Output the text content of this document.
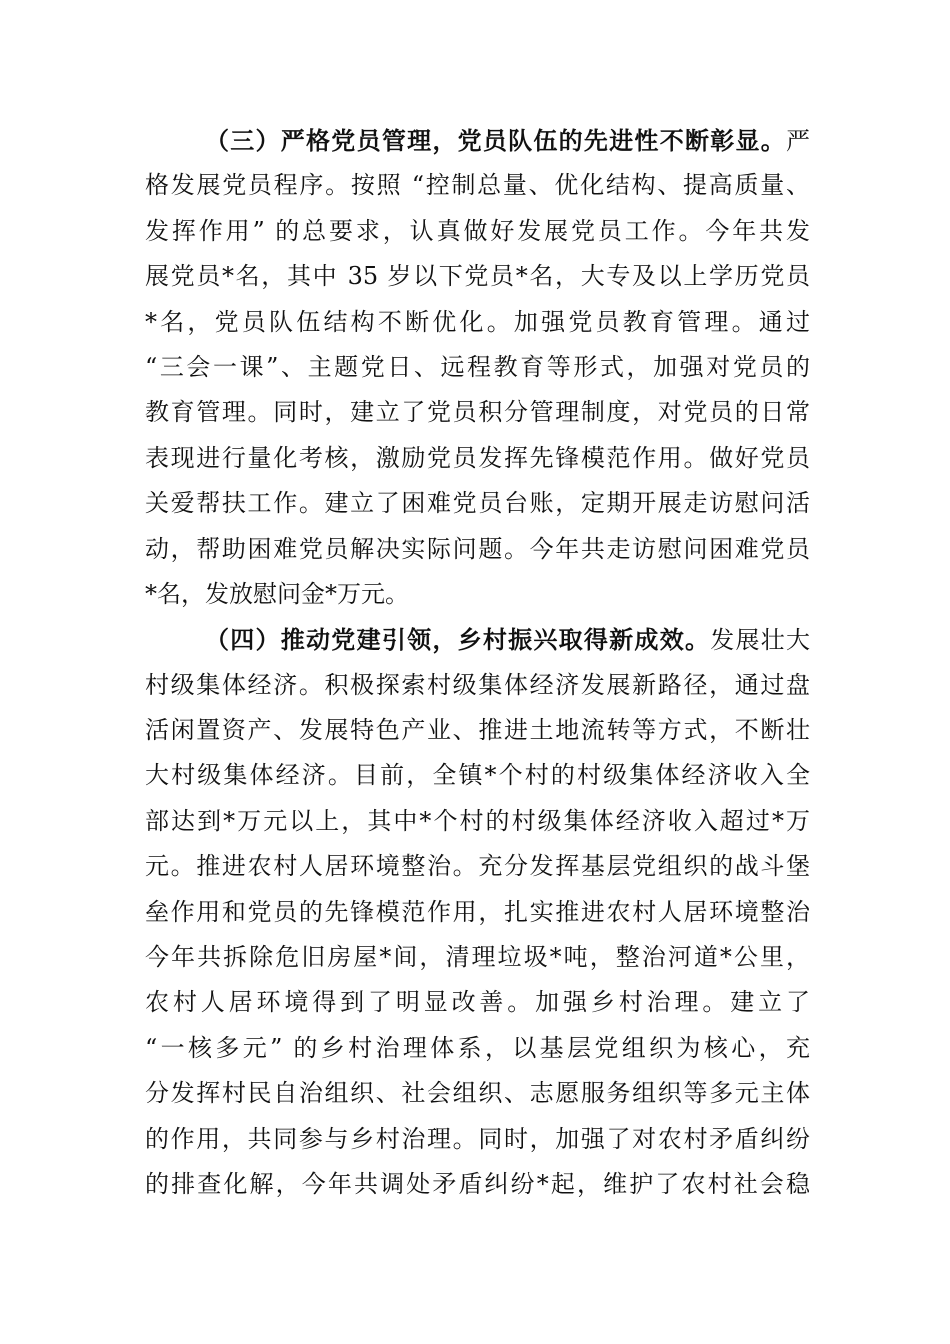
（三）严格党员管理，党员队伍的先进性不断彰显。严
格发展党员程序。按照 “控制总量、优化结构、提高质量、
发挥作用” 的总要求，认真做好发展党员工作。今年共发
展党员*名，其中 35 岁以下党员*名，大专及以上学历党员
*名，党员队伍结构不断优化。加强党员教育管理。通过
“三会一课”、主题党日、远程教育等形式，加强对党员的
教育管理。同时，建立了党员积分管理制度，对党员的日常
表现进行量化考核，激励党员发挥先锋模范作用。做好党员
关爱帮扶工作。建立了困难党员台账，定期开展走访慰问活
动，帮助困难党员解决实际问题。今年共走访慰问困难党员
*名，发放慰问金*万元。
（四）推动党建引领，乡村振兴取得新成效。发展壮大
村级集体经济。积极探索村级集体经济发展新路径，通过盘
活闲置资产、发展特色产业、推进土地流转等方式，不断壮
大村级集体经济。目前，全镇*个村的村级集体经济收入全
部达到*万元以上，其中*个村的村级集体经济收入超过*万
元。推进农村人居环境整治。充分发挥基层党组织的战斗堡
垒作用和党员的先锋模范作用，扎实推进农村人居环境整治
今年共拆除危旧房屋*间，清理垃圾*吨，整治河道*公里，
农村人居环境得到了明显改善。加强乡村治理。建立了
“一核多元” 的乡村治理体系，以基层党组织为核心，充
分发挥村民自治组织、社会组织、志愿服务组织等多元主体
的作用，共同参与乡村治理。同时，加强了对农村矛盾纠纷
的排查化解，今年共调处矛盾纠纷*起，维护了农村社会稳
